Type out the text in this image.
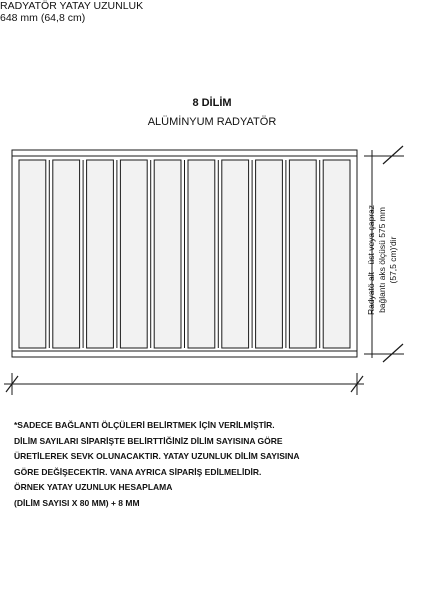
8 DİLİM
ALÜMİNYUM RADYATÖR
Radyatö alt - üst veya çapraz bağlantı aks ölçüsü 575 mm (57,5 cm)'dir
RADYATÖR YATAY UZUNLUK
648 mm (64,8 cm)
*SADECE BAĞLANTI ÖLÇÜLERİ BELİRTMEK İÇİN VERİLMİŞTİR.
DİLİM SAYILARI SİPARİŞTE BELİRTTİĞİNİZ DİLİM SAYISINA GÖRE
ÜRETİLEREK SEVK OLUNACAKTIR. YATAY UZUNLUK DİLİM SAYISINA
GÖRE DEĞİŞECEKTİR. VANA AYRICA SİPARİŞ EDİLMELİDİR.
ÖRNEK YATAY UZUNLUK HESAPLAMA
(DİLİM SAYISI X 80 MM) + 8 MM
